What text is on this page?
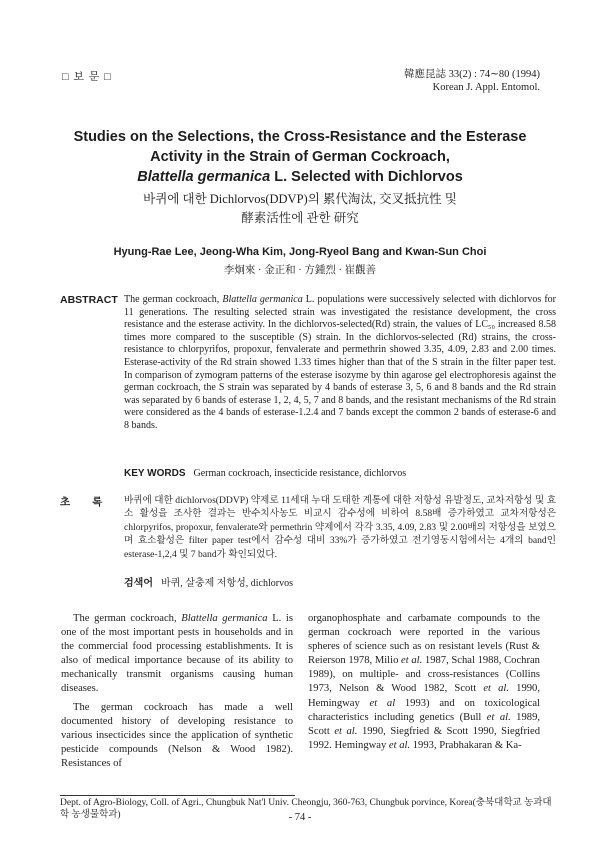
□ 보 문 □	韓應昆誌 33(2) : 74∼80 (1994)
Korean J. Appl. Entomol.
Studies on the Selections, the Cross-Resistance and the Esterase
Activity in the Strain of German Cockroach,
Blattella germanica L. Selected with Dichlorvos
바퀴에 대한 Dichlorvos(DDVP)의 累代淘汰, 交叉抵抗性 및
酵素活性에 관한 研究
Hyung-Rae Lee, Jeong-Wha Kim, Jong-Ryeol Bang and Kwan-Sun Choi
李炯來 · 金正和 · 方鍾烈 · 崔觀善
ABSTRACT The german cockroach, Blattella germanica L. populations were successively selected with dichlorvos for 11 generations. The resulting selected strain was investigated the resistance development, the cross resistance and the esterase activity. In the dichlorvos-selected(Rd) strain, the values of LC₅₀ increased 8.58 times more compared to the susceptible (S) strain. In the dichlorvos-selected (Rd) strains, the cross-resistance to chlorpyrifos, propoxur, fenvalerate and permethrin showed 3.35, 4.09, 2.83 and 2.00 times. Esterase-activity of the Rd strain showed 1.33 times higher than that of the S strain in the filter paper test. In comparison of zymogram patterns of the esterase isozyme by thin agarose gel electrophoresis against the german cockroach, the S strain was separated by 4 bands of esterase 3, 5, 6 and 8 bands and the Rd strain was separated by 6 bands of esterase 1, 2, 4, 5, 7 and 8 bands, and the resistant mechanisms of the Rd strain were considered as the 4 bands of esterase-1.2.4 and 7 bands except the common 2 bands of esterase-6 and 8 bands.
KEY WORDS German cockroach, insecticide resistance, dichlorvos
초록 바퀴에 대한 dichlorvos(DDVP) 약제로 11세대 누대 도태한 계통에 대한 저항성 유발정도, 교차저항성 및 효소 활성을 조사한 결과는 반수치사농도 비교시 감수성에 비하여 8.58배 증가하였고 교차저항성은 chlorpyrifos, propoxur, fenvalerate와 permethrin 약제에서 각각 3.35, 4.09, 2.83 및 2.00배의 저항성을 보였으며 효소활성은 filter paper test에서 감수성 대비 33%가 증가하였고 전기영동시험에서는 4개의 band인 esterase-1,2,4 및 7 band가 확인되었다.
검색어 바퀴, 살충제 저항성, dichlorvos

The german cockroach, Blattella germanica L. is one of the most important pests in households and in the commercial food processing establishments. It is also of medical importance because of its ability to mechanically transmit organisms causing human diseases.

The german cockroach has made a well documented history of developing resistance to various insecticides since the application of synthetic pesticide compounds (Nelson & Wood 1982). Resistances of

organophosphate and carbamate compounds to the german cockroach were reported in the various spheres of science such as on resistant levels (Rust & Reierson 1978, Milio et al. 1987, Schal 1988, Cochran 1989), on multiple- and cross-resistances (Collins 1973, Nelson & Wood 1982, Scott et al. 1990, Hemingway et al 1993) and on toxicological characteristics including genetics (Bull et al. 1989, Scott et al. 1990, Siegfried & Scott 1990, Siegfried 1992. Hemingway et al. 1993, Prabhakaran & Ka-

Dept. of Agro-Biology, Coll. of Agri., Chungbuk Nat'l Univ. Cheongju, 360-763, Chungbuk porvince, Korea(충북대학교 농과대학 농생물학과)	- 74 -
